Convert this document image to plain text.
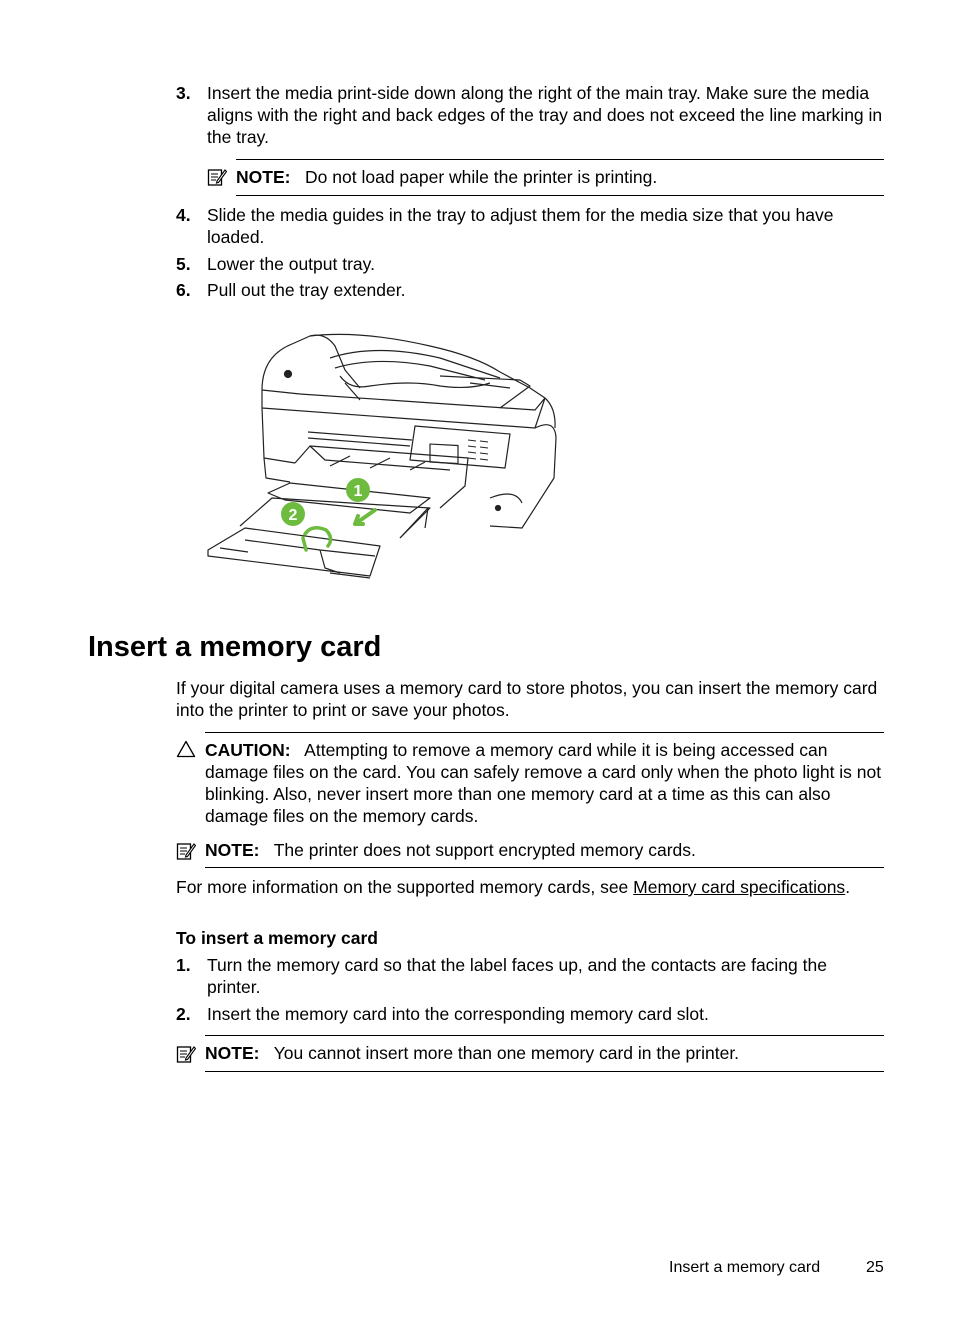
3. Insert the media print-side down along the right of the main tray. Make sure the media aligns with the right and back edges of the tray and does not exceed the line marking in the tray.
NOTE: Do not load paper while the printer is printing.
4. Slide the media guides in the tray to adjust them for the media size that you have loaded.
5. Lower the output tray.
6. Pull out the tray extender.
1
2
Insert a memory card
If your digital camera uses a memory card to store photos, you can insert the memory card into the printer to print or save your photos.
CAUTION: Attempting to remove a memory card while it is being accessed can damage files on the card. You can safely remove a card only when the photo light is not blinking. Also, never insert more than one memory card at a time as this can also damage files on the memory cards.
NOTE: The printer does not support encrypted memory cards.
For more information on the supported memory cards, see Memory card specifications.
To insert a memory card
1. Turn the memory card so that the label faces up, and the contacts are facing the printer.
2. Insert the memory card into the corresponding memory card slot.
NOTE: You cannot insert more than one memory card in the printer.
Insert a memory card	25
